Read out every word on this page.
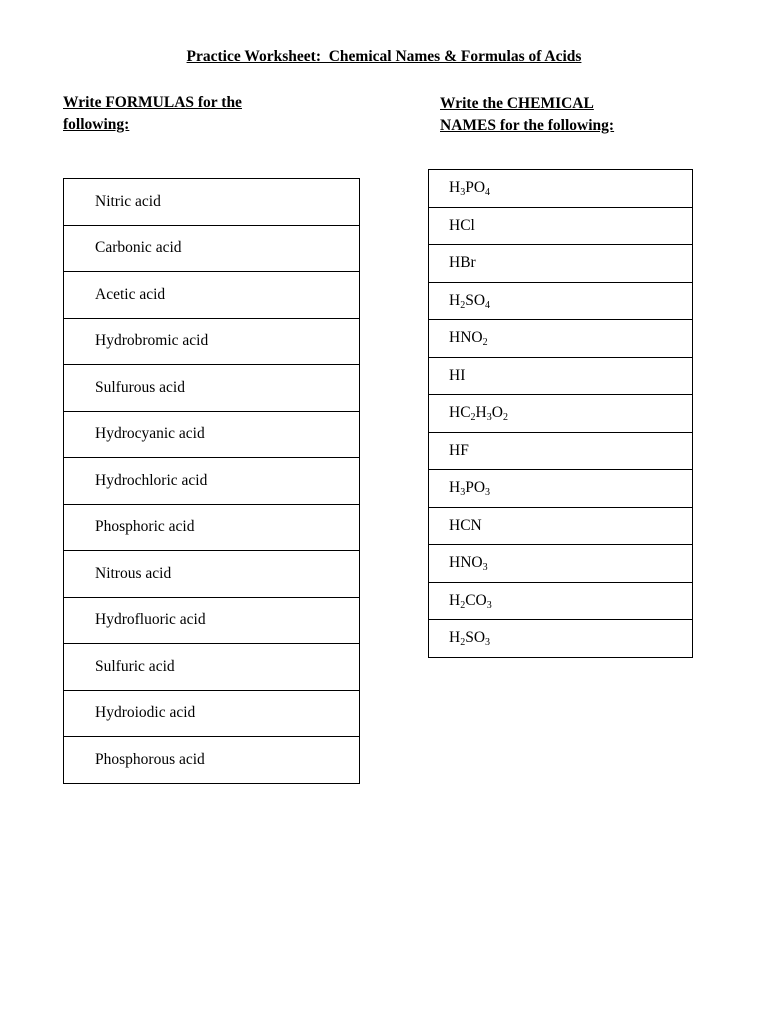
Practice Worksheet:  Chemical Names & Formulas of Acids
Write FORMULAS for the
following:
Write the CHEMICAL
NAMES for the following:
Nitric acid
Carbonic acid
Acetic acid
Hydrobromic acid
Sulfurous acid
Hydrocyanic acid
Hydrochloric acid
Phosphoric acid
Nitrous acid
Hydrofluoric acid
Sulfuric acid
Hydroiodic acid
Phosphorous acid
H3PO4
HCl
HBr
H2SO4
HNO2
HI
HC2H3O2
HF
H3PO3
HCN
HNO3
H2CO3
H2SO3
